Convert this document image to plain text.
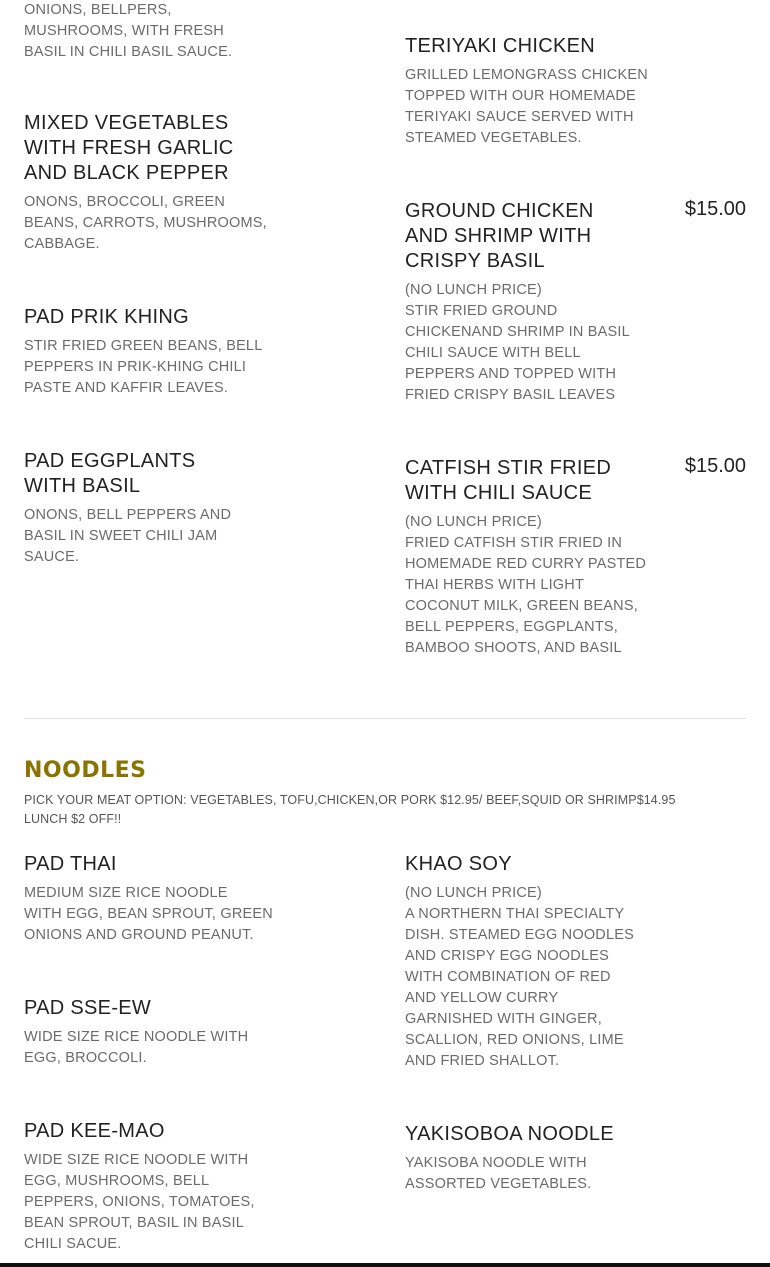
ONIONS, BELLPERS,
MUSHROOMS, WITH FRESH
BASIL IN CHILI BASIL SAUCE.
MIXED VEGETABLES
WITH FRESH GARLIC
AND BLACK PEPPER
ONONS, BROCCOLI, GREEN
BEANS, CARROTS, MUSHROOMS,
CABBAGE.
PAD PRIK KHING
STIR FRIED GREEN BEANS, BELL
PEPPERS IN PRIK-KHING CHILI
PASTE AND KAFFIR LEAVES.
PAD EGGPLANTS
WITH BASIL
ONONS, BELL PEPPERS AND
BASIL IN SWEET CHILI JAM
SAUCE.
TERIYAKI CHICKEN
GRILLED LEMONGRASS CHICKEN
TOPPED WITH OUR HOMEMADE
TERIYAKI SAUCE SERVED WITH
STEAMED VEGETABLES.
GROUND CHICKEN
AND SHRIMP WITH
CRISPY BASIL
(NO LUNCH PRICE)
STIR FRIED GROUND
CHICKENAND SHRIMP IN BASIL
CHILI SAUCE WITH BELL
PEPPERS AND TOPPED WITH
FRIED CRISPY BASIL LEAVES
$15.00
CATFISH STIR FRIED
WITH CHILI SAUCE
(NO LUNCH PRICE)
FRIED CATFISH STIR FRIED IN
HOMEMADE RED CURRY PASTED
THAI HERBS WITH LIGHT
COCONUT MILK, GREEN BEANS,
BELL PEPPERS, EGGPLANTS,
BAMBOO SHOOTS, AND BASIL
$15.00
NOODLES
PICK YOUR MEAT OPTION: VEGETABLES, TOFU,CHICKEN,OR PORK $12.95/ BEEF,SQUID OR SHRIMP$14.95
LUNCH $2 OFF!!
PAD THAI
MEDIUM SIZE RICE NOODLE
WITH EGG, BEAN SPROUT, GREEN
ONIONS AND GROUND PEANUT.
PAD SSE-EW
WIDE SIZE RICE NOODLE WITH
EGG, BROCCOLI.
PAD KEE-MAO
WIDE SIZE RICE NOODLE WITH
EGG, MUSHROOMS, BELL
PEPPERS, ONIONS, TOMATOES,
BEAN SPROUT, BASIL IN BASIL
CHILI SACUE.
KHAO SOY
(NO LUNCH PRICE)
A NORTHERN THAI SPECIALTY
DISH. STEAMED EGG NOODLES
AND CRISPY EGG NOODLES
WITH COMBINATION OF RED
AND YELLOW CURRY
GARNISHED WITH GINGER,
SCALLION, RED ONIONS, LIME
AND FRIED SHALLOT.
YAKISOBOA NOODLE
YAKISOBA NOODLE WITH
ASSORTED VEGETABLES.
